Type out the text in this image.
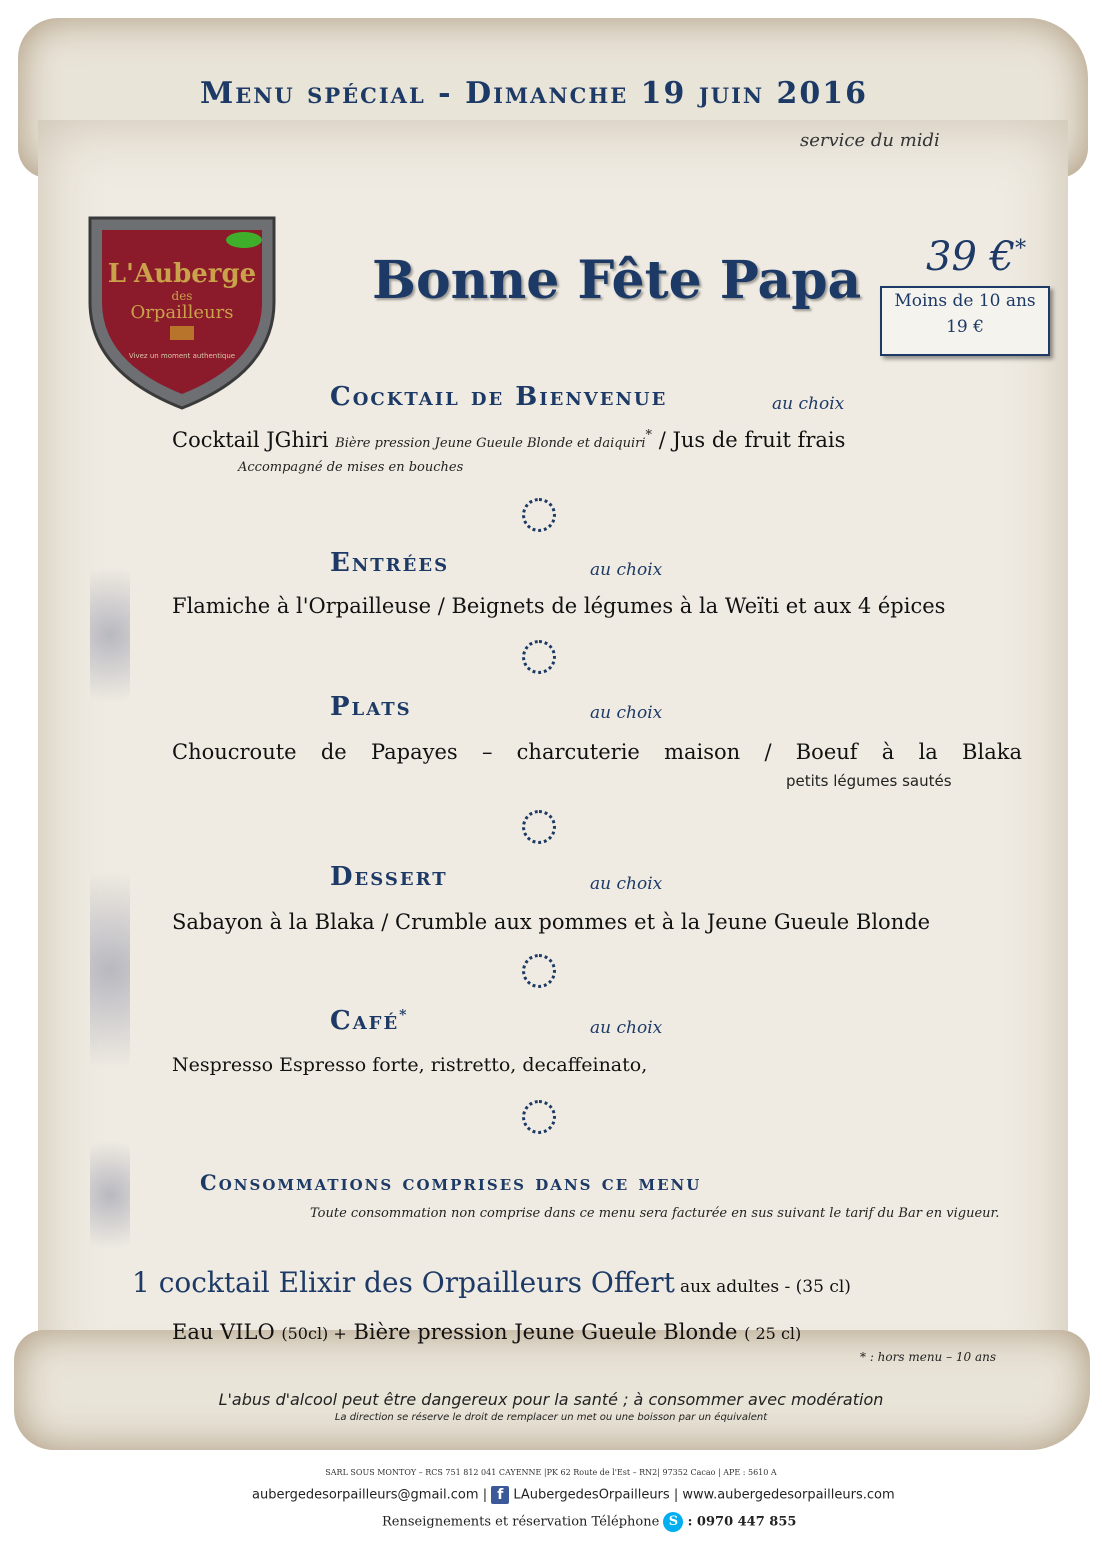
Menu spécial - Dimanche 19 juin 2016
service du midi
L'Auberge
des
Orpailleurs
Vivez un moment authentique
Bonne Fête Papa 39 €*
Moins de 10 ans
19 €
Cocktail de Bienvenue	au choix
Cocktail JGhiri Bière pression Jeune Gueule Blonde et daiquiri* / Jus de fruit frais
Accompagné de mises en bouches
Entrées	au choix
Flamiche à l'Orpailleuse / Beignets de légumes à la Weïti et aux 4 épices
Plats	au choix
Choucroute de Papayes – charcuterie maison / Boeuf à la Blaka
petits légumes sautés
Dessert	au choix
Sabayon à la Blaka / Crumble aux pommes et à la Jeune Gueule Blonde
Café*
au choix
Nespresso Espresso forte, ristretto, decaffeinato,
Consommations comprises dans ce menu
Toute consommation non comprise dans ce menu sera facturée en sus suivant le tarif du Bar en vigueur.
1 cocktail Elixir des Orpailleurs Offert aux adultes - (35 cl)
Eau VILO (50cl) + Bière pression Jeune Gueule Blonde ( 25 cl)
* : hors menu – 10 ans
L'abus d'alcool peut être dangereux pour la santé ; à consommer avec modération
La direction se réserve le droit de remplacer un met ou une boisson par un équivalent
SARL SOUS MONTOY – RCS 751 812 041 CAYENNE |PK 62 Route de l'Est – RN2| 97352 Cacao | APE : 5610 A
aubergedesorpailleurs@gmail.com | f LAubergedesOrpailleurs | www.aubergedesorpailleurs.com
Renseignements et réservation Téléphone S : 0970 447 855
